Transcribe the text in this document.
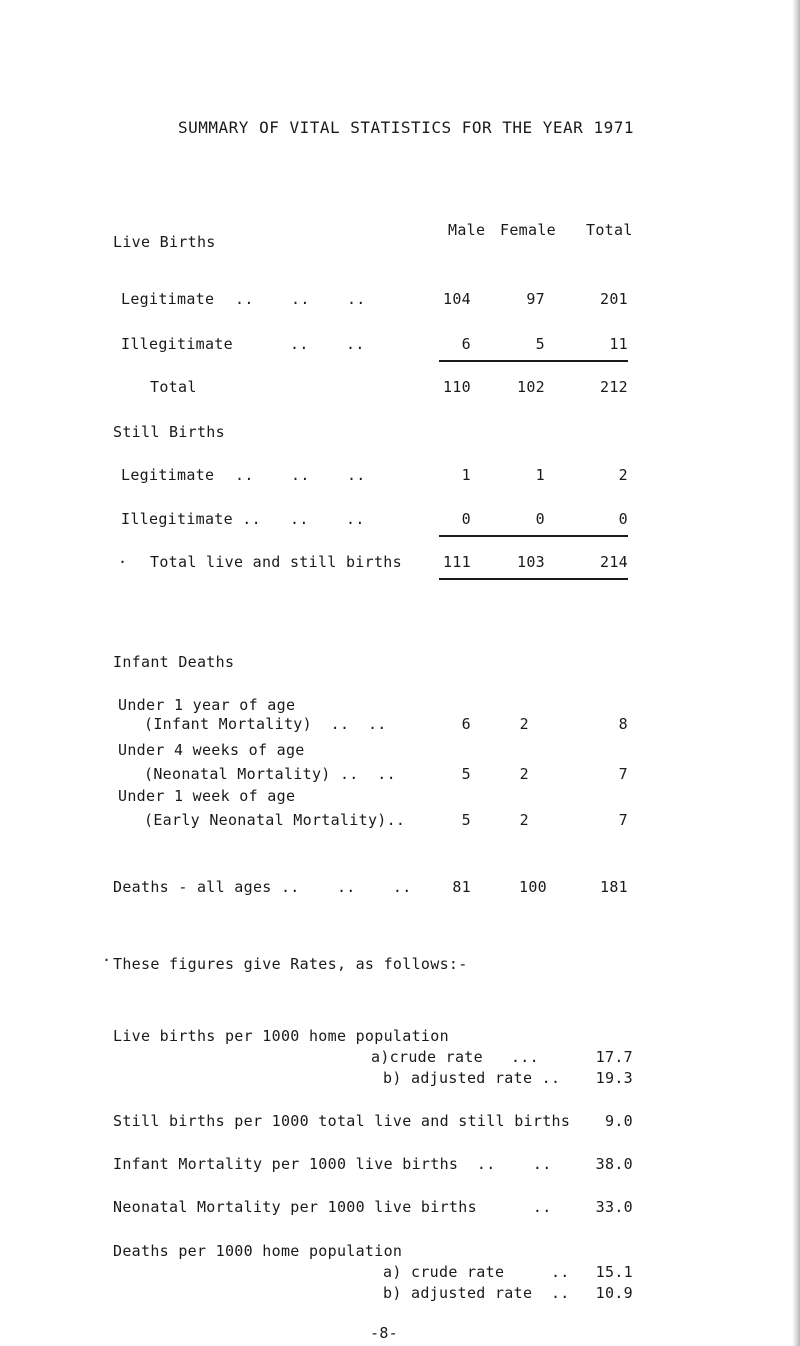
SUMMARY OF VITAL STATISTICS FOR THE YEAR 1971
Live Births
Male Female Total
Legitimate ..    ..    ..	104	97	201
Illegitimate	..    ..	6	5	11
Total	110	102	212
Still Births
Legitimate ..    ..    ..	1	1	2
Illegitimate .. ..    ..	0	0	0
· Total live and still births	111	103	214
Infant Deaths
Under 1 year of age
(Infant Mortality)  ..  ..	6	2	8
Under 4 weeks of age
(Neonatal Mortality) ..  ..	5	2	7
Under 1 week of age
(Early Neonatal Mortality)..	5	2	7
Deaths - all ages ..    ..    ..	81	100	181
· These figures give Rates, as follows:-
Live births per 1000 home population
a)crude rate   ...	17.7
b) adjusted rate ..	19.3
Still births per 1000 total live and still births	9.0
Infant Mortality per 1000 live births  ..    ..	38.0
Neonatal Mortality per 1000 live births      ..	33.0
Deaths per 1000 home population
a) crude rate     ..	15.1
b) adjusted rate  ..	10.9
-8-
